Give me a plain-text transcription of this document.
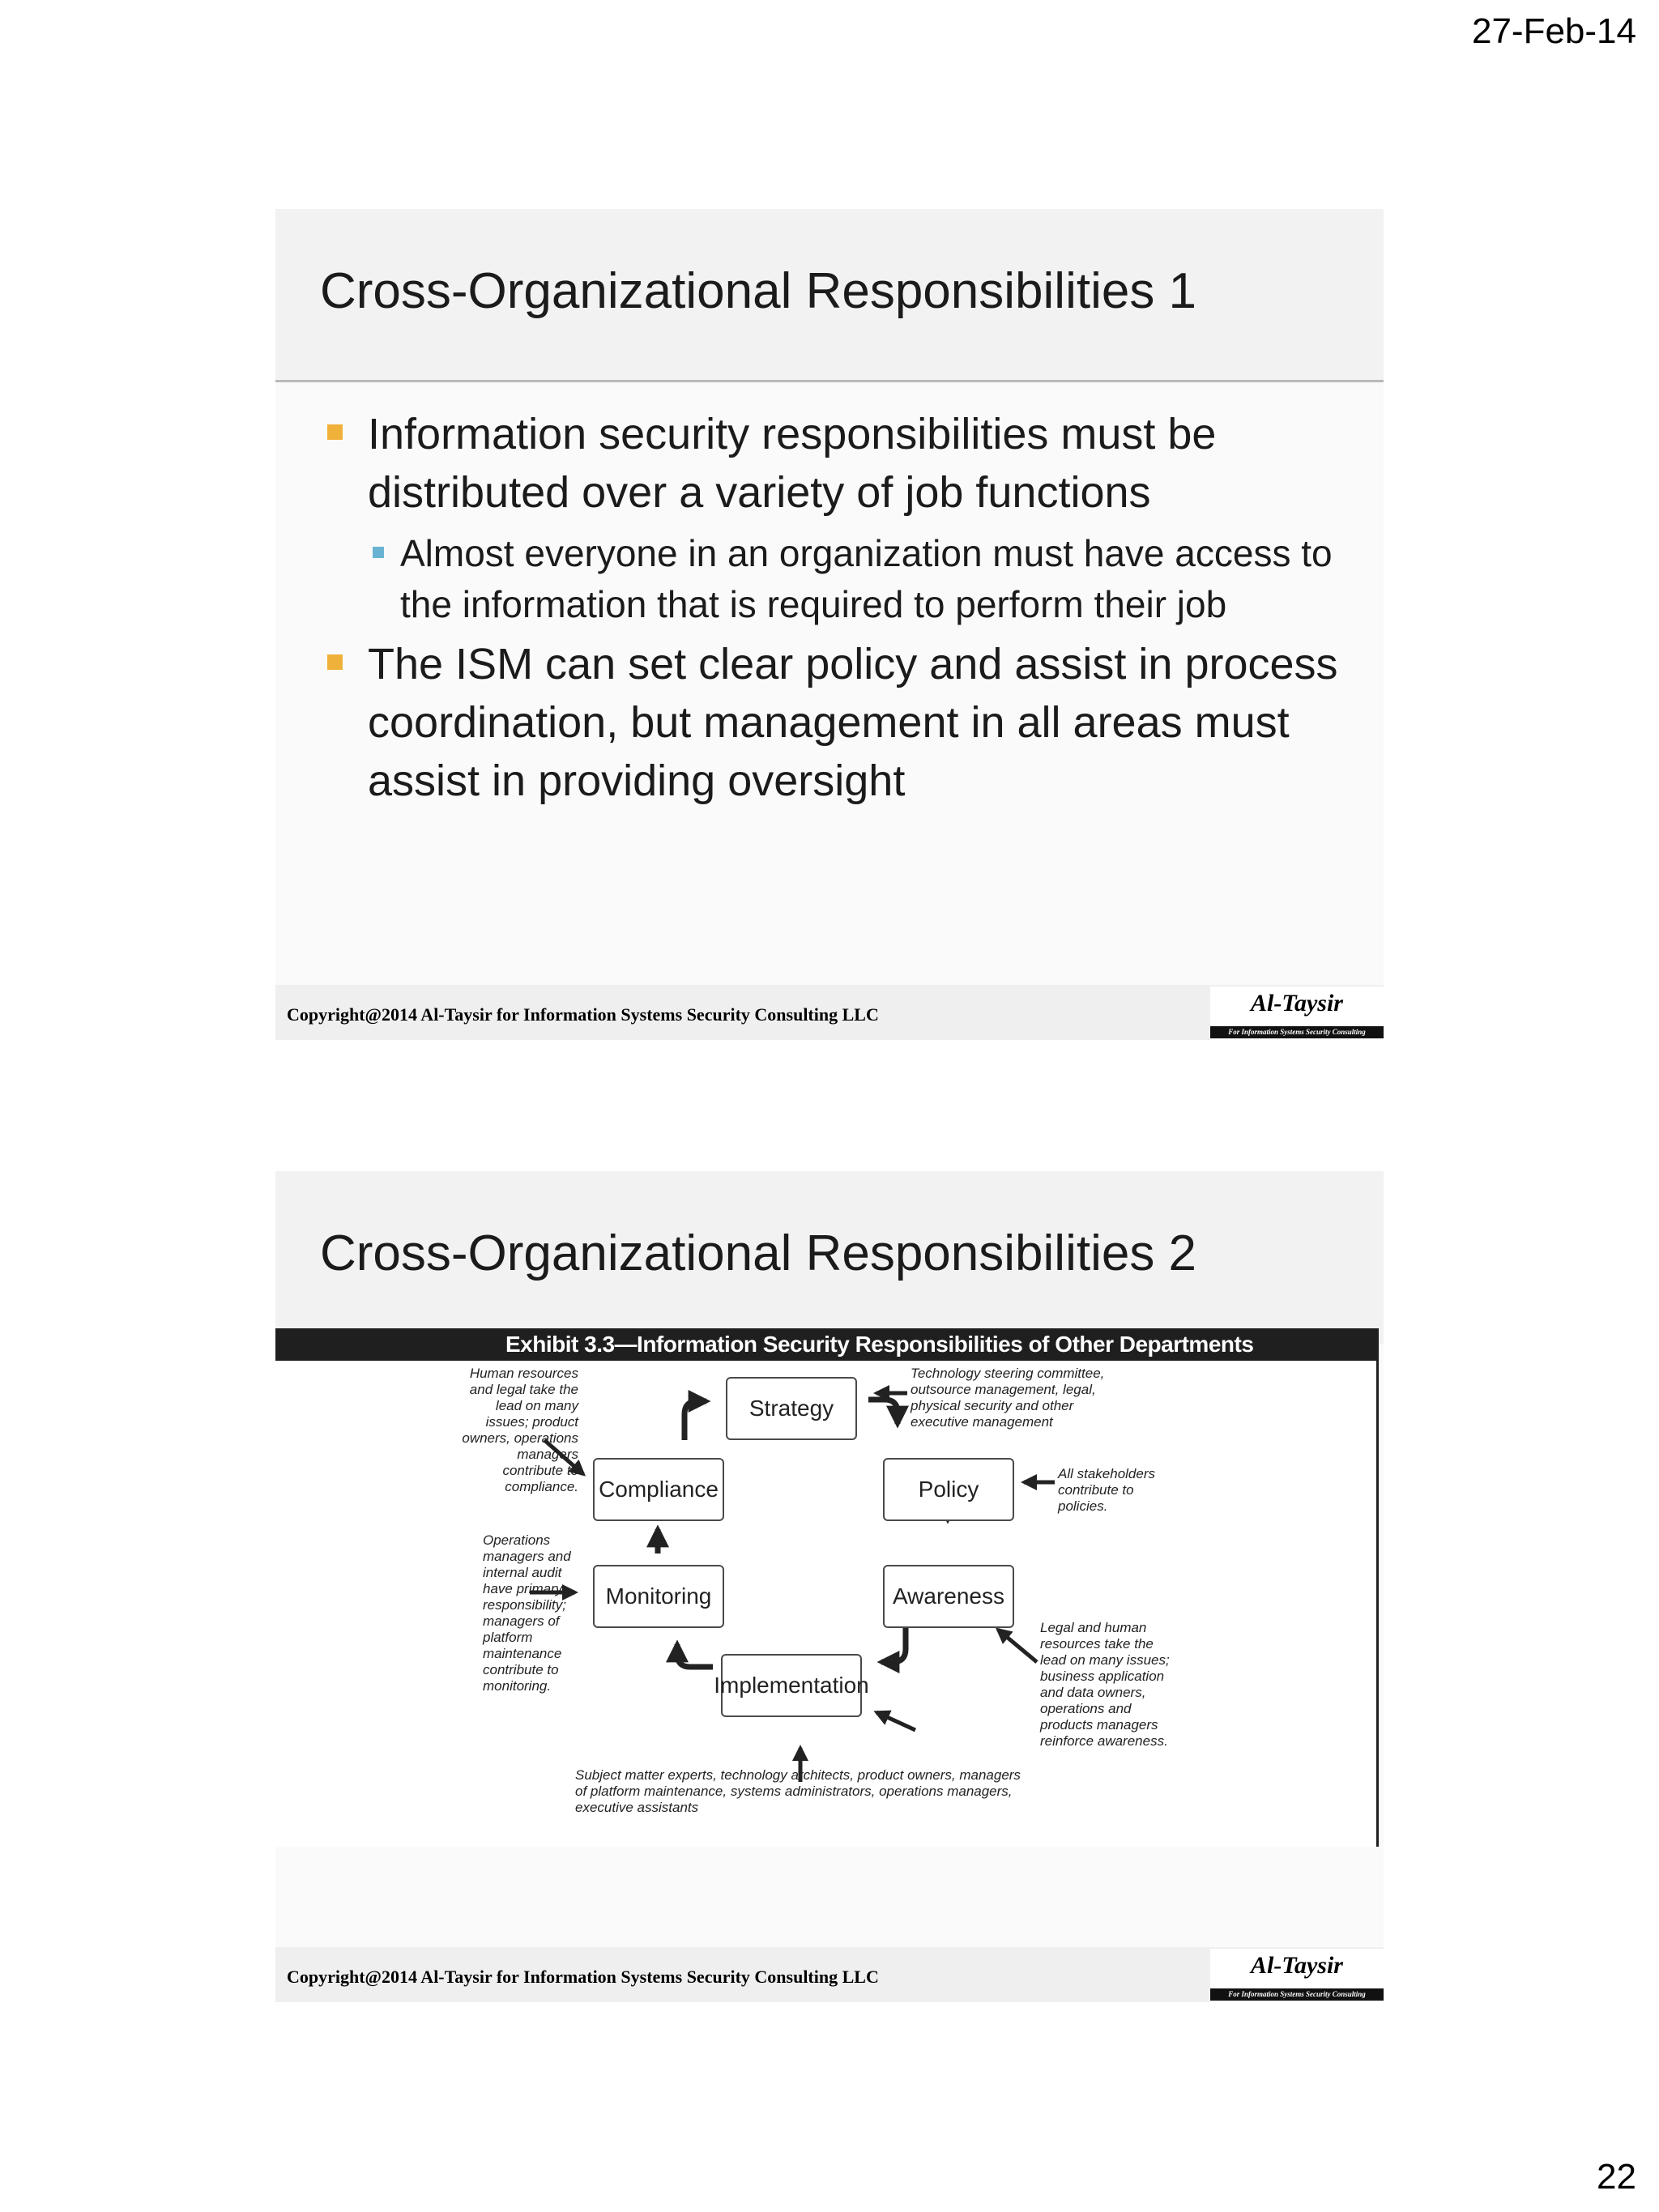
27-Feb-14
Cross-Organizational Responsibilities 1
Information security responsibilities must be distributed over a variety of job functions
Almost everyone in an organization must have access to the information that is required to perform their job
The ISM can set clear policy and assist in process coordination, but management in all areas must assist in providing oversight
Copyright@2014 Al-Taysir for Information Systems Security Consulting LLC	Al-Taysir
For Information Systems Security Consulting
Cross-Organizational Responsibilities 2
Exhibit 3.3—Information Security Responsibilities of Other Departments
Strategy
Policy
Awareness
Implementation
Monitoring
Compliance
Technology steering committee, outsource management, legal, physical security and other executive management
All stakeholders contribute to policies.
Legal and human resources take the lead on many issues; business application and data owners, operations and products managers reinforce awareness.
Subject matter experts, technology architects, product owners, managers of platform maintenance, systems administrators, operations managers, executive assistants
Operations managers and internal audit have primary responsibility; managers of platform maintenance contribute to monitoring.
Human resources and legal take the lead on many issues; product owners, operations managers contribute to compliance.
Copyright@2014 Al-Taysir for Information Systems Security Consulting LLC	Al-Taysir
For Information Systems Security Consulting
22
